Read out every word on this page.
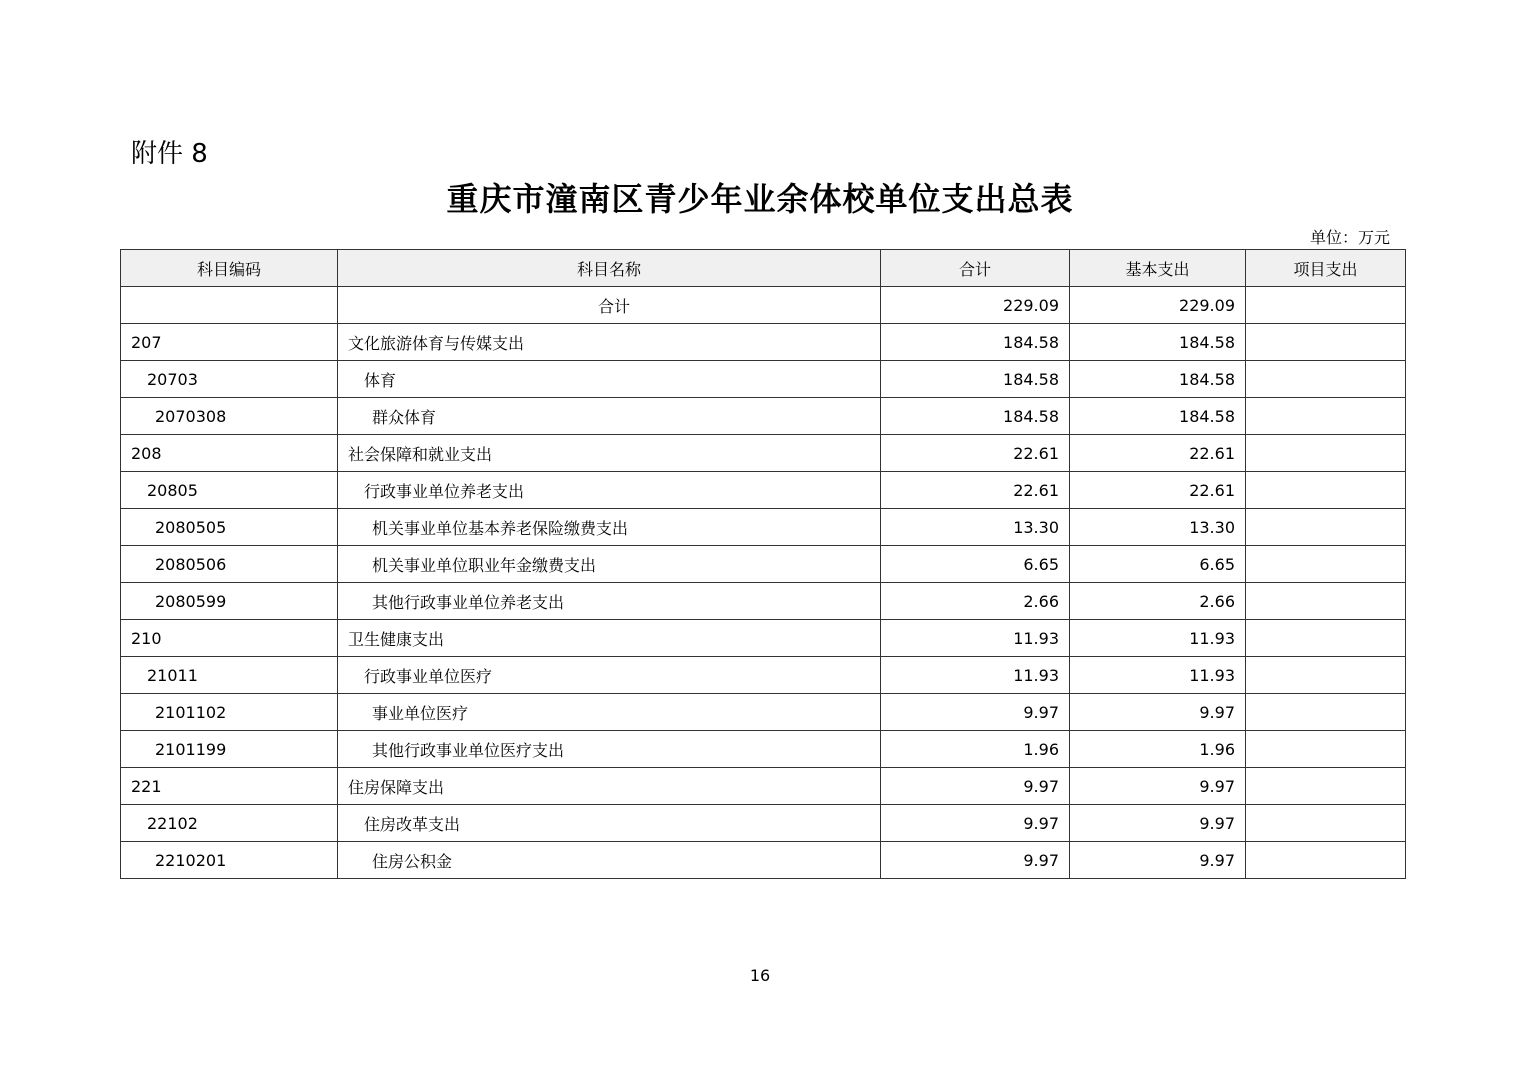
附件 8
重庆市潼南区青少年业余体校单位支出总表
单位：万元
科目编码	科目名称	合计	基本支出	项目支出
	合计	229.09	229.09	
207	文化旅游体育与传媒支出	184.58	184.58	
20703	体育	184.58	184.58	
2070308	群众体育	184.58	184.58	
208	社会保障和就业支出	22.61	22.61	
20805	行政事业单位养老支出	22.61	22.61	
2080505	机关事业单位基本养老保险缴费支出	13.30	13.30	
2080506	机关事业单位职业年金缴费支出	6.65	6.65	
2080599	其他行政事业单位养老支出	2.66	2.66	
210	卫生健康支出	11.93	11.93	
21011	行政事业单位医疗	11.93	11.93	
2101102	事业单位医疗	9.97	9.97	
2101199	其他行政事业单位医疗支出	1.96	1.96	
221	住房保障支出	9.97	9.97	
22102	住房改革支出	9.97	9.97	
2210201	住房公积金	9.97	9.97	
16
